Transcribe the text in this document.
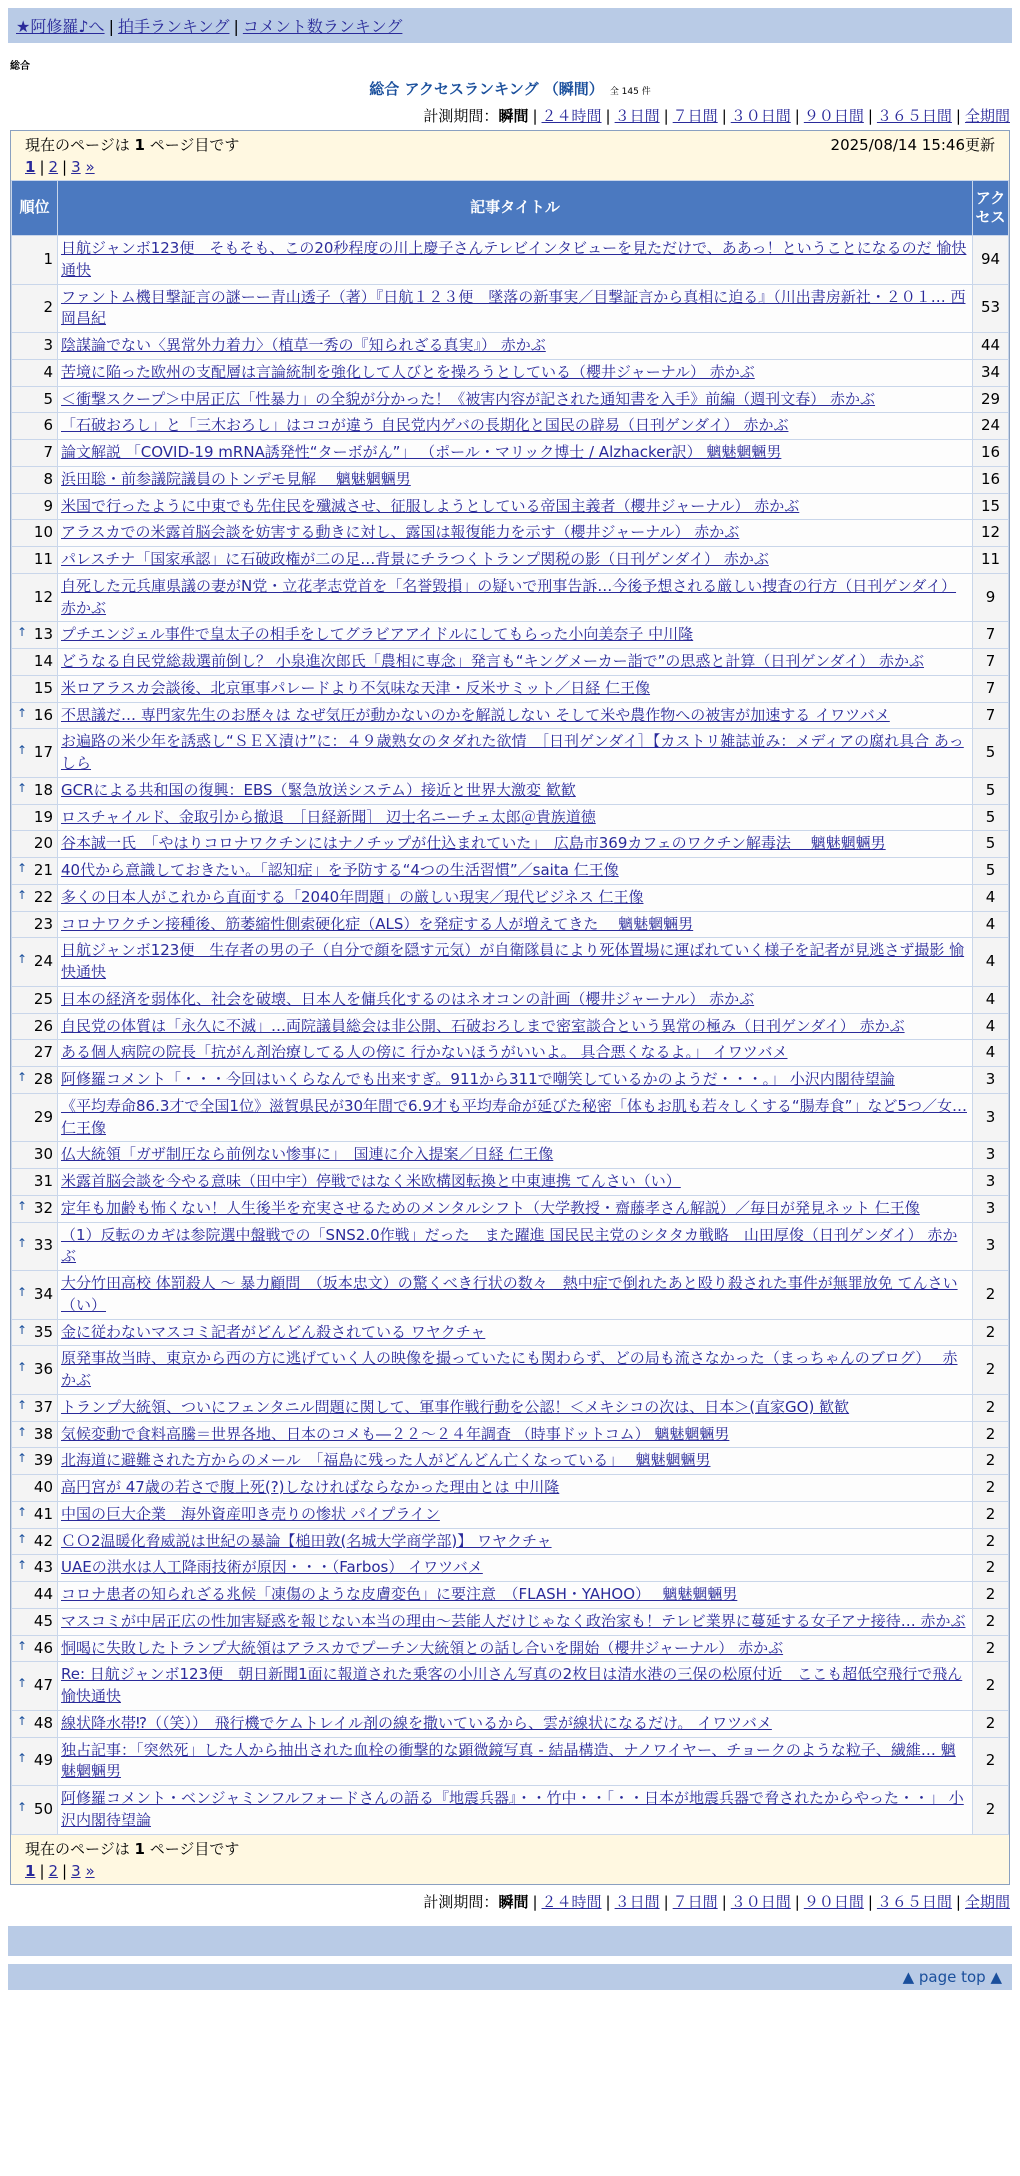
★阿修羅♪へ | 拍手ランキング | コメント数ランキング
総合
総合 アクセスランキング （瞬間） 全 145 件
計測期間：瞬間 | ２４時間 | ３日間 | ７日間 | ３０日間 | ９０日間 | ３６５日間 | 全期間
現在のページは 1 ページ目です	2025/08/14 15:46更新
1 | 2 | 3 »
順位	記事タイトル	アクセス
1	日航ジャンボ123便　そもそも、この20秒程度の川上慶子さんテレビインタビューを見ただけで、ああっ！ということになるのだ 愉快通快	94
2	ファントム機目撃証言の謎ーー青山透子（著）『日航１２３便　墜落の新事実／目撃証言から真相に迫る』（川出書房新社・２０１… 西岡昌紀	53
3	陰謀論でない〈異常外力着力〉（植草一秀の『知られざる真実』） 赤かぶ	44
4	苦境に陥った欧州の支配層は言論統制を強化して人びとを操ろうとしている（櫻井ジャーナル） 赤かぶ	34
5	＜衝撃スクープ＞中居正広「性暴力」の全貌が分かった！《被害内容が記された通知書を入手》前編（週刊文春） 赤かぶ	29
6	「石破おろし」と「三木おろし」はココが違う 自民党内ゲバの長期化と国民の辟易（日刊ゲンダイ） 赤かぶ	24
7	論文解説 「COVID-19 mRNA誘発性“ターボがん”」 （ポール・マリック博士 / Alzhacker訳） 魑魅魍魎男	16
8	浜田聡・前参議院議員のトンデモ見解　 魑魅魍魎男	16
9	米国で行ったように中東でも先住民を殲滅させ、征服しようとしている帝国主義者（櫻井ジャーナル） 赤かぶ	15
10	アラスカでの米露首脳会談を妨害する動きに対し、露国は報復能力を示す（櫻井ジャーナル） 赤かぶ	12
11	パレスチナ「国家承認」に石破政権が二の足…背景にチラつくトランプ関税の影（日刊ゲンダイ） 赤かぶ	11
12	自死した元兵庫県議の妻がN党・立花孝志党首を「名誉毀損」の疑いで刑事告訴…今後予想される厳しい捜査の行方（日刊ゲンダイ） 赤かぶ	9

↑ 13	プチエンジェル事件で皇太子の相手をしてグラビアアイドルにしてもらった小向美奈子 中川隆	7
14	どうなる自民党総裁選前倒し？ 小泉進次郎氏「農相に専念」発言も“キングメーカー詣で”の思惑と計算（日刊ゲンダイ） 赤かぶ	7
15	米ロアラスカ会談後、北京軍事パレードより不気味な天津・反米サミット／日経 仁王像	7

↑ 16	不思議だ… 専門家先生のお歴々は なぜ気圧が動かないのかを解説しない そして米や農作物への被害が加速する イワツバメ	7

↑ 17	お遍路の米少年を誘惑し“ＳＥＸ漬け”に：４９歳熟女のタダれた欲情　［日刊ゲンダイ］【カストリ雑誌並み：メディアの腐れ具合 あっしら	5

↑ 18	GCRによる共和国の復興：EBS（緊急放送システム）接近と世界大激変 歓歓	5
19	ロスチャイルド、金取引から撤退　［日経新聞］ 辺士名ニーチェ太郎＠貴族道徳	5
20	谷本誠一氏　「やはりコロナワクチンにはナノチップが仕込まれていた」　広島市369カフェのワクチン解毒法　 魑魅魍魎男	5

↑ 21	40代から意識しておきたい。「認知症」を予防する“4つの生活習慣”／saita 仁王像	5

↑ 22	多くの日本人がこれから直面する「2040年問題」の厳しい現実／現代ビジネス 仁王像	4
23	コロナワクチン接種後、筋萎縮性側索硬化症（ALS）を発症する人が増えてきた　 魑魅魍魎男	4

↑ 24	日航ジャンボ123便　生存者の男の子（自分で顔を隠す元気）が自衛隊員により死体置場に運ばれていく様子を記者が見逃さず撮影 愉快通快	4
25	日本の経済を弱体化、社会を破壊、日本人を傭兵化するのはネオコンの計画（櫻井ジャーナル） 赤かぶ	4
26	自民党の体質は「永久に不滅」…両院議員総会は非公開、石破おろしまで密室談合という異常の極み（日刊ゲンダイ） 赤かぶ	4
27	ある個人病院の院長「抗がん剤治療してる人の傍に 行かないほうがいいよ。 具合悪くなるよ。」 イワツバメ	4

↑ 28	阿修羅コメント「・・・今回はいくらなんでも出来すぎ。911から311で嘲笑しているかのようだ・・・。」 小沢内閣待望論	3
29	《平均寿命86.3才で全国1位》滋賀県民が30年間で6.9才も平均寿命が延びた秘密「体もお肌も若々しくする“腸寿食”」など5つ／女… 仁王像	3
30	仏大統領「ガザ制圧なら前例ない惨事に」　国連に介入提案／日経 仁王像	3
31	米露首脳会談を今やる意味（田中宇）停戦ではなく米欧構図転換と中東連携 てんさい（い）	3

↑ 32	定年も加齢も怖くない！人生後半を充実させるためのメンタルシフト（大学教授・齋藤孝さん解説）／毎日が発見ネット 仁王像	3

↑ 33	（1）反転のカギは参院選中盤戦での「SNS2.0作戦」だった　また躍進 国民民主党のシタタカ戦略　山田厚俊（日刊ゲンダイ） 赤かぶ	3

↑ 34	大分竹田高校 体罰殺人 ～ 暴力顧問　（坂本忠文）の驚くべき行状の数々　熱中症で倒れたあと殴り殺された事件が無罪放免 てんさい（い）	2

↑ 35	金に従わないマスコミ記者がどんどん殺されている ワヤクチャ	2

↑ 36	原発事故当時、東京から西の方に逃げていく人の映像を撮っていたにも関わらず、どの局も流さなかった（まっちゃんのブログ）　 赤かぶ	2

↑ 37	トランプ大統領、ついにフェンタニル問題に関して、軍事作戦行動を公認！＜メキシコの次は、日本＞(直家GO) 歓歓	2

↑ 38	気候変動で食料高騰＝世界各地、日本のコメも―２２～２４年調査 （時事ドットコム） 魑魅魍魎男	2

↑ 39	北海道に避難された方からのメール　「福島に残った人がどんどん亡くなっている」　 魑魅魍魎男	2
40	高円宮が 47歳の若さで腹上死(?)しなければならなかった理由とは 中川隆	2

↑ 41	中国の巨大企業　海外資産叩き売りの惨状 パイプライン	2

↑ 42	ＣＯ2温暖化脅威説は世紀の暴論【槌田敦(名城大学商学部)】 ワヤクチャ	2

↑ 43	UAEの洪水は人工降雨技術が原因・・・（Farbos） イワツバメ	2
44	コロナ患者の知られざる兆候「凍傷のような皮膚変色」に要注意　（FLASH・YAHOO）　 魑魅魍魎男	2
45	マスコミが中居正広の性加害疑惑を報じない本当の理由～芸能人だけじゃなく政治家も！テレビ業界に蔓延する女子アナ接待… 赤かぶ	2

↑ 46	恫喝に失敗したトランプ大統領はアラスカでプーチン大統領との話し合いを開始（櫻井ジャーナル） 赤かぶ	2

↑ 47	Re: 日航ジャンボ123便　朝日新聞1面に報道された乗客の小川さん写真の2枚目は清水港の三保の松原付近　ここも超低空飛行で飛ん 愉快通快	2

↑ 48	線状降水帯⁉（（笑））　飛行機でケムトレイル剤の線を撒いているから、雲が線状になるだけ。 イワツバメ	2

↑ 49	独占記事：「突然死」した人から抽出された血栓の衝撃的な顕微鏡写真 - 結晶構造、ナノワイヤー、チョークのような粒子、繊維… 魑魅魍魎男	2

↑ 50	阿修羅コメント・ベンジャミンフルフォードさんの語る『地震兵器』・・竹中・・「・・日本が地震兵器で脅されたからやった・・」 小沢内閣待望論	2
現在のページは 1 ページ目です
1 | 2 | 3 »
計測期間：瞬間 | ２４時間 | ３日間 | ７日間 | ３０日間 | ９０日間 | ３６５日間 | 全期間
▲ page top ▲
